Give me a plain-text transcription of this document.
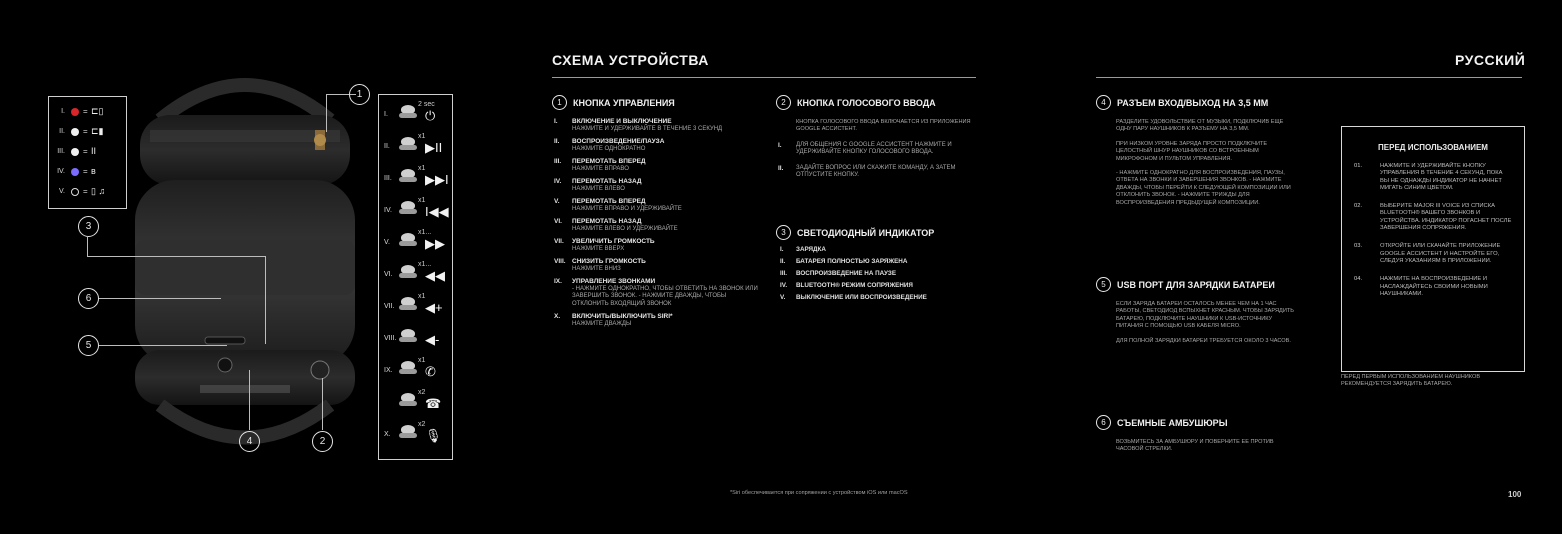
I. = ⊏▯
II. = ⊏▮
III. = II
IV. = ʙ
V. = ▯ ♫
1
3
6
5
4	2
I.
2 sec
⏻
II.
x1
▶II
III.
x1
▶▶I
IV.
x1
I◀◀
V.
x1...
▶▶
VI.
x1...
◀◀
VII.
x1
◀+
VIII. ◀-
IX.
x1
✆
x2
☎
X.
x2
🎙
СХЕМА УСТРОЙСТВА
1 КНОПКА УПРАВЛЕНИЯ
I. ВКЛЮЧЕНИЕ И ВЫКЛЮЧЕНИЕ
НАЖМИТЕ И УДЕРЖИВАЙТЕ В ТЕЧЕНИЕ 3 СЕКУНД
II. ВОСПРОИЗВЕДЕНИЕ/ПАУЗА
НАЖМИТЕ ОДНОКРАТНО
III. ПЕРЕМОТАТЬ ВПЕРЕД
НАЖМИТЕ ВПРАВО
IV. ПЕРЕМОТАТЬ НАЗАД
НАЖМИТЕ ВЛЕВО
V. ПЕРЕМОТАТЬ ВПЕРЕД
НАЖМИТЕ ВПРАВО И УДЕРЖИВАЙТЕ
VI. ПЕРЕМОТАТЬ НАЗАД
НАЖМИТЕ ВЛЕВО И УДЕРЖИВАЙТЕ
VII. УВЕЛИЧИТЬ ГРОМКОСТЬ
НАЖМИТЕ ВВЕРХ
VIII. СНИЗИТЬ ГРОМКОСТЬ
НАЖМИТЕ ВНИЗ
IX. УПРАВЛЕНИЕ ЗВОНКАМИ
- НАЖМИТЕ ОДНОКРАТНО, ЧТОБЫ ОТВЕТИТЬ НА ЗВОНОК ИЛИ ЗАВЕРШИТЬ ЗВОНОК. - НАЖМИТЕ ДВАЖДЫ, ЧТОБЫ ОТКЛОНИТЬ ВХОДЯЩИЙ ЗВОНОК
X. ВКЛЮЧИТЬ/ВЫКЛЮЧИТЬ SIRI*
НАЖМИТЕ ДВАЖДЫ
2 КНОПКА ГОЛОСОВОГО ВВОДА
КНОПКА ГОЛОСОВОГО ВВОДА ВКЛЮЧАЕТСЯ ИЗ ПРИЛОЖЕНИЯ GOOGLE АССИСТЕНТ.
I. ДЛЯ ОБЩЕНИЯ С GOOGLE АССИСТЕНТ НАЖМИТЕ И УДЕРЖИВАЙТЕ КНОПКУ ГОЛОСОВОГО ВВОДА.
II. ЗАДАЙТЕ ВОПРОС ИЛИ СКАЖИТЕ КОМАНДУ, А ЗАТЕМ ОТПУСТИТЕ КНОПКУ.
3 СВЕТОДИОДНЫЙ ИНДИКАТОР
I. ЗАРЯДКА
II. БАТАРЕЯ ПОЛНОСТЬЮ ЗАРЯЖЕНА
III. ВОСПРОИЗВЕДЕНИЕ НА ПАУЗЕ
IV. BLUETOOTH® РЕЖИМ СОПРЯЖЕНИЯ
V. ВЫКЛЮЧЕНИЕ ИЛИ ВОСПРОИЗВЕДЕНИЕ
*Siri обеспечивается при сопряжении с устройством iOS или macOS
РУССКИЙ
4 РАЗЪЕМ ВХОД/ВЫХОД НА 3,5 ММ
РАЗДЕЛИТЕ УДОВОЛЬСТВИЕ ОТ МУЗЫКИ, ПОДКЛЮЧИВ ЕЩЕ ОДНУ ПАРУ НАУШНИКОВ К РАЗЪЕМУ НА 3,5 ММ.
ПРИ НИЗКОМ УРОВНЕ ЗАРЯДА ПРОСТО ПОДКЛЮЧИТЕ ЦЕЛОСТНЫЙ ШНУР НАУШНИКОВ СО ВСТРОЕННЫМ МИКРОФОНОМ И ПУЛЬТОМ УПРАВЛЕНИЯ.
- НАЖМИТЕ ОДНОКРАТНО ДЛЯ ВОСПРОИЗВЕДЕНИЯ, ПАУЗЫ, ОТВЕТА НА ЗВОНКИ И ЗАВЕРШЕНИЯ ЗВОНКОВ. - НАЖМИТЕ ДВАЖДЫ, ЧТОБЫ ПЕРЕЙТИ К СЛЕДУЮЩЕЙ КОМПОЗИЦИИ ИЛИ ОТКЛОНИТЬ ЗВОНОК. - НАЖМИТЕ ТРИЖДЫ ДЛЯ ВОСПРОИЗВЕДЕНИЯ ПРЕДЫДУЩЕЙ КОМПОЗИЦИИ.
5 USB ПОРТ ДЛЯ ЗАРЯДКИ БАТАРЕИ
ЕСЛИ ЗАРЯДА БАТАРЕИ ОСТАЛОСЬ МЕНЕЕ ЧЕМ НА 1 ЧАС РАБОТЫ, СВЕТОДИОД ВСПЫХНЕТ КРАСНЫМ. ЧТОБЫ ЗАРЯДИТЬ БАТАРЕЮ, ПОДКЛЮЧИТЕ НАУШНИКИ К USB-ИСТОЧНИКУ ПИТАНИЯ С ПОМОЩЬЮ USB КАБЕЛЯ MICRO.
ДЛЯ ПОЛНОЙ ЗАРЯДКИ БАТАРЕИ ТРЕБУЕТСЯ ОКОЛО 3 ЧАСОВ.
6 СЪЕМНЫЕ АМБУШЮРЫ
ВОЗЬМИТЕСЬ ЗА АМБУШЮРУ И ПОВЕРНИТЕ ЕЕ ПРОТИВ ЧАСОВОЙ СТРЕЛКИ.
ПЕРЕД ИСПОЛЬЗОВАНИЕМ
01.	НАЖМИТЕ И УДЕРЖИВАЙТЕ КНОПКУ УПРАВЛЕНИЯ В ТЕЧЕНИЕ 4 СЕКУНД, ПОКА ВЫ НЕ ОДНАЖДЫ ИНДИКАТОР НЕ НАЧНЕТ МИГАТЬ СИНИМ ЦВЕТОМ.
02.	ВЫБЕРИТЕ MAJOR III VOICE ИЗ СПИСКА BLUETOOTH® ВАШЕГО ЗВОНКОВ И УСТРОЙСТВА. ИНДИКАТОР ПОГАСНЕТ ПОСЛЕ ЗАВЕРШЕНИЯ СОПРЯЖЕНИЯ.
03.	ОТКРОЙТЕ ИЛИ СКАЧАЙТЕ ПРИЛОЖЕНИЕ GOOGLE АССИСТЕНТ И НАСТРОЙТЕ ЕГО, СЛЕДУЯ УКАЗАНИЯМ В ПРИЛОЖЕНИИ.
04.	НАЖМИТЕ НА ВОСПРОИЗВЕДЕНИЕ И НАСЛАЖДАЙТЕСЬ СВОИМИ НОВЫМИ НАУШНИКАМИ.
ПЕРЕД ПЕРВЫМ ИСПОЛЬЗОВАНИЕМ НАУШНИКОВ РЕКОМЕНДУЕТСЯ ЗАРЯДИТЬ БАТАРЕЮ.
100
